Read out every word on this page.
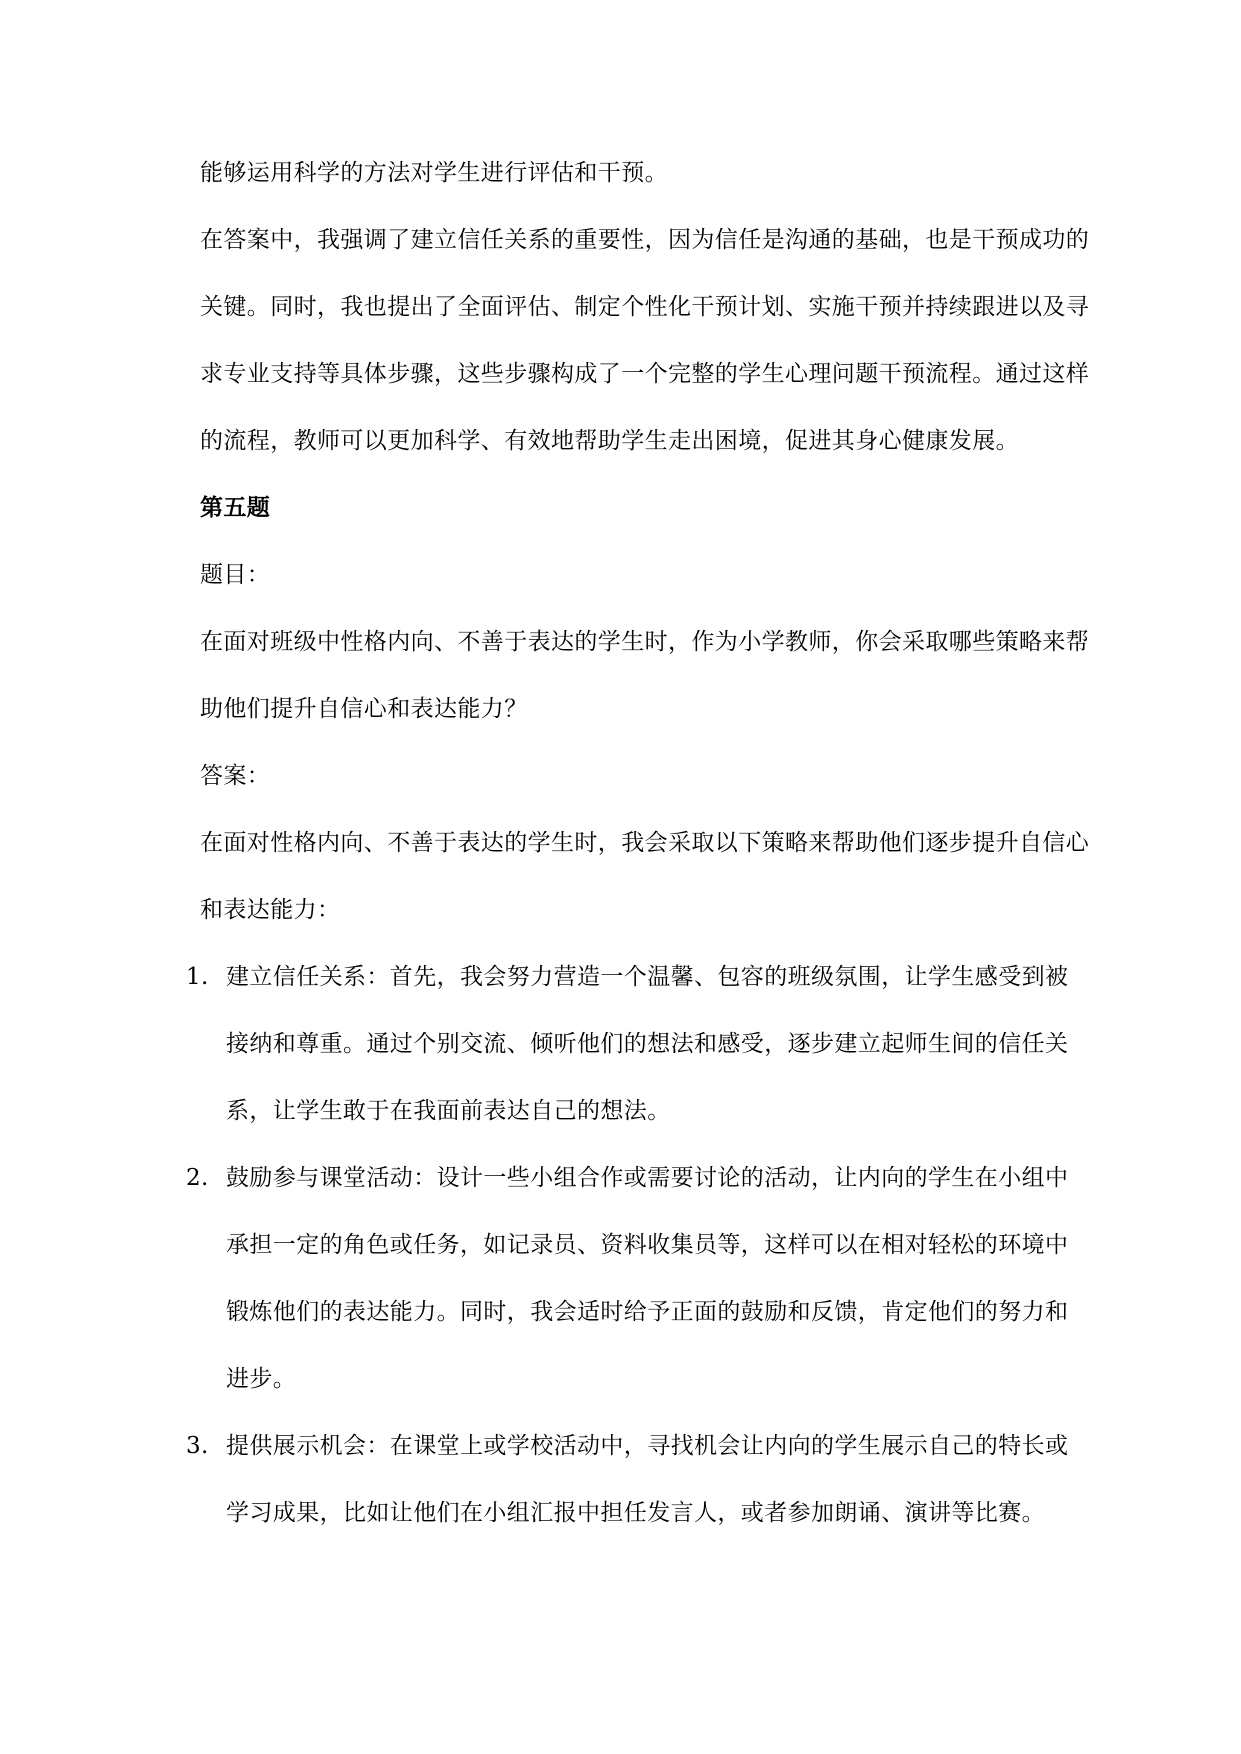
能够运用科学的方法对学生进行评估和干预。

在答案中，我强调了建立信任关系的重要性，因为信任是沟通的基础，也是干预成功的关键。同时，我也提出了全面评估、制定个性化干预计划、实施干预并持续跟进以及寻求专业支持等具体步骤，这些步骤构成了一个完整的学生心理问题干预流程。通过这样的流程，教师可以更加科学、有效地帮助学生走出困境，促进其身心健康发展。

第五题

题目：

在面对班级中性格内向、不善于表达的学生时，作为小学教师，你会采取哪些策略来帮助他们提升自信心和表达能力？

答案：

在面对性格内向、不善于表达的学生时，我会采取以下策略来帮助他们逐步提升自信心和表达能力：

1. 建立信任关系：首先，我会努力营造一个温馨、包容的班级氛围，让学生感受到被接纳和尊重。通过个别交流、倾听他们的想法和感受，逐步建立起师生间的信任关系，让学生敢于在我面前表达自己的想法。
2. 鼓励参与课堂活动：设计一些小组合作或需要讨论的活动，让内向的学生在小组中承担一定的角色或任务，如记录员、资料收集员等，这样可以在相对轻松的环境中锻炼他们的表达能力。同时，我会适时给予正面的鼓励和反馈，肯定他们的努力和进步。
3. 提供展示机会：在课堂上或学校活动中，寻找机会让内向的学生展示自己的特长或学习成果，比如让他们在小组汇报中担任发言人，或者参加朗诵、演讲等比赛。
